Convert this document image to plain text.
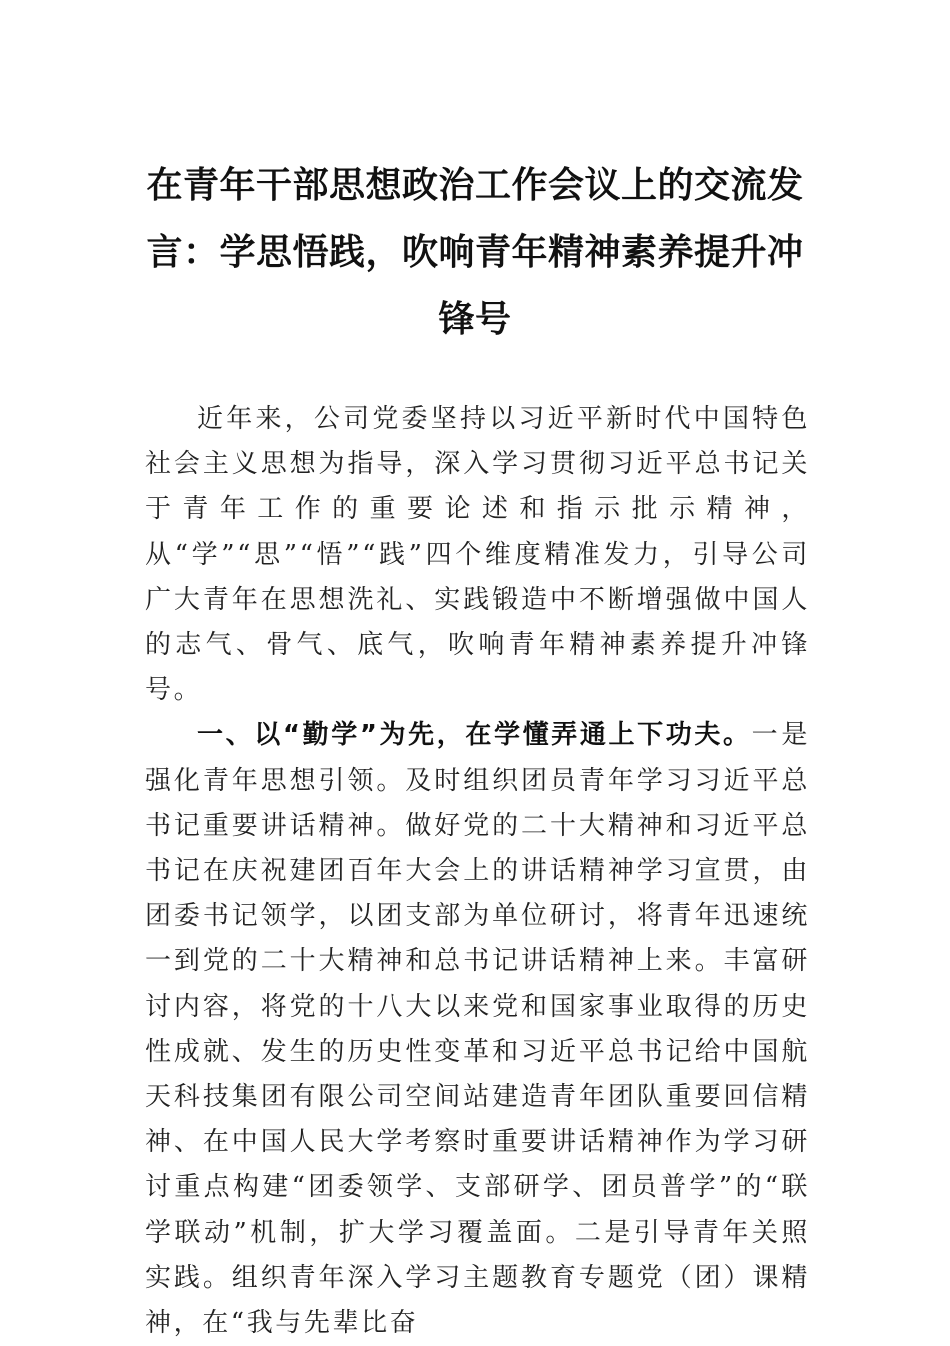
在青年干部思想政治工作会议上的交流发言：学思悟践，吹响青年精神素养提升冲锋号

近年来，公司党委坚持以习近平新时代中国特色社会主义思想为指导，深入学习贯彻习近平总书记关于青年工作的重要论述和指示批示精神，从“学”“思”“悟”“践”四个维度精准发力，引导公司广大青年在思想洗礼、实践锻造中不断增强做中国人的志气、骨气、底气，吹响青年精神素养提升冲锋号。

一、以“勤学”为先，在学懂弄通上下功夫。一是强化青年思想引领。及时组织团员青年学习习近平总书记重要讲话精神。做好党的二十大精神和习近平总书记在庆祝建团百年大会上的讲话精神学习宣贯，由团委书记领学，以团支部为单位研讨，将青年迅速统一到党的二十大精神和总书记讲话精神上来。丰富研讨内容，将党的十八大以来党和国家事业取得的历史性成就、发生的历史性变革和习近平总书记给中国航天科技集团有限公司空间站建造青年团队重要回信精神、在中国人民大学考察时重要讲话精神作为学习研讨重点构建“团委领学、支部研学、团员普学”的“联学联动”机制，扩大学习覆盖面。二是引导青年关照实践。组织青年深入学习主题教育专题党（团）课精神，在“我与先辈比奋
